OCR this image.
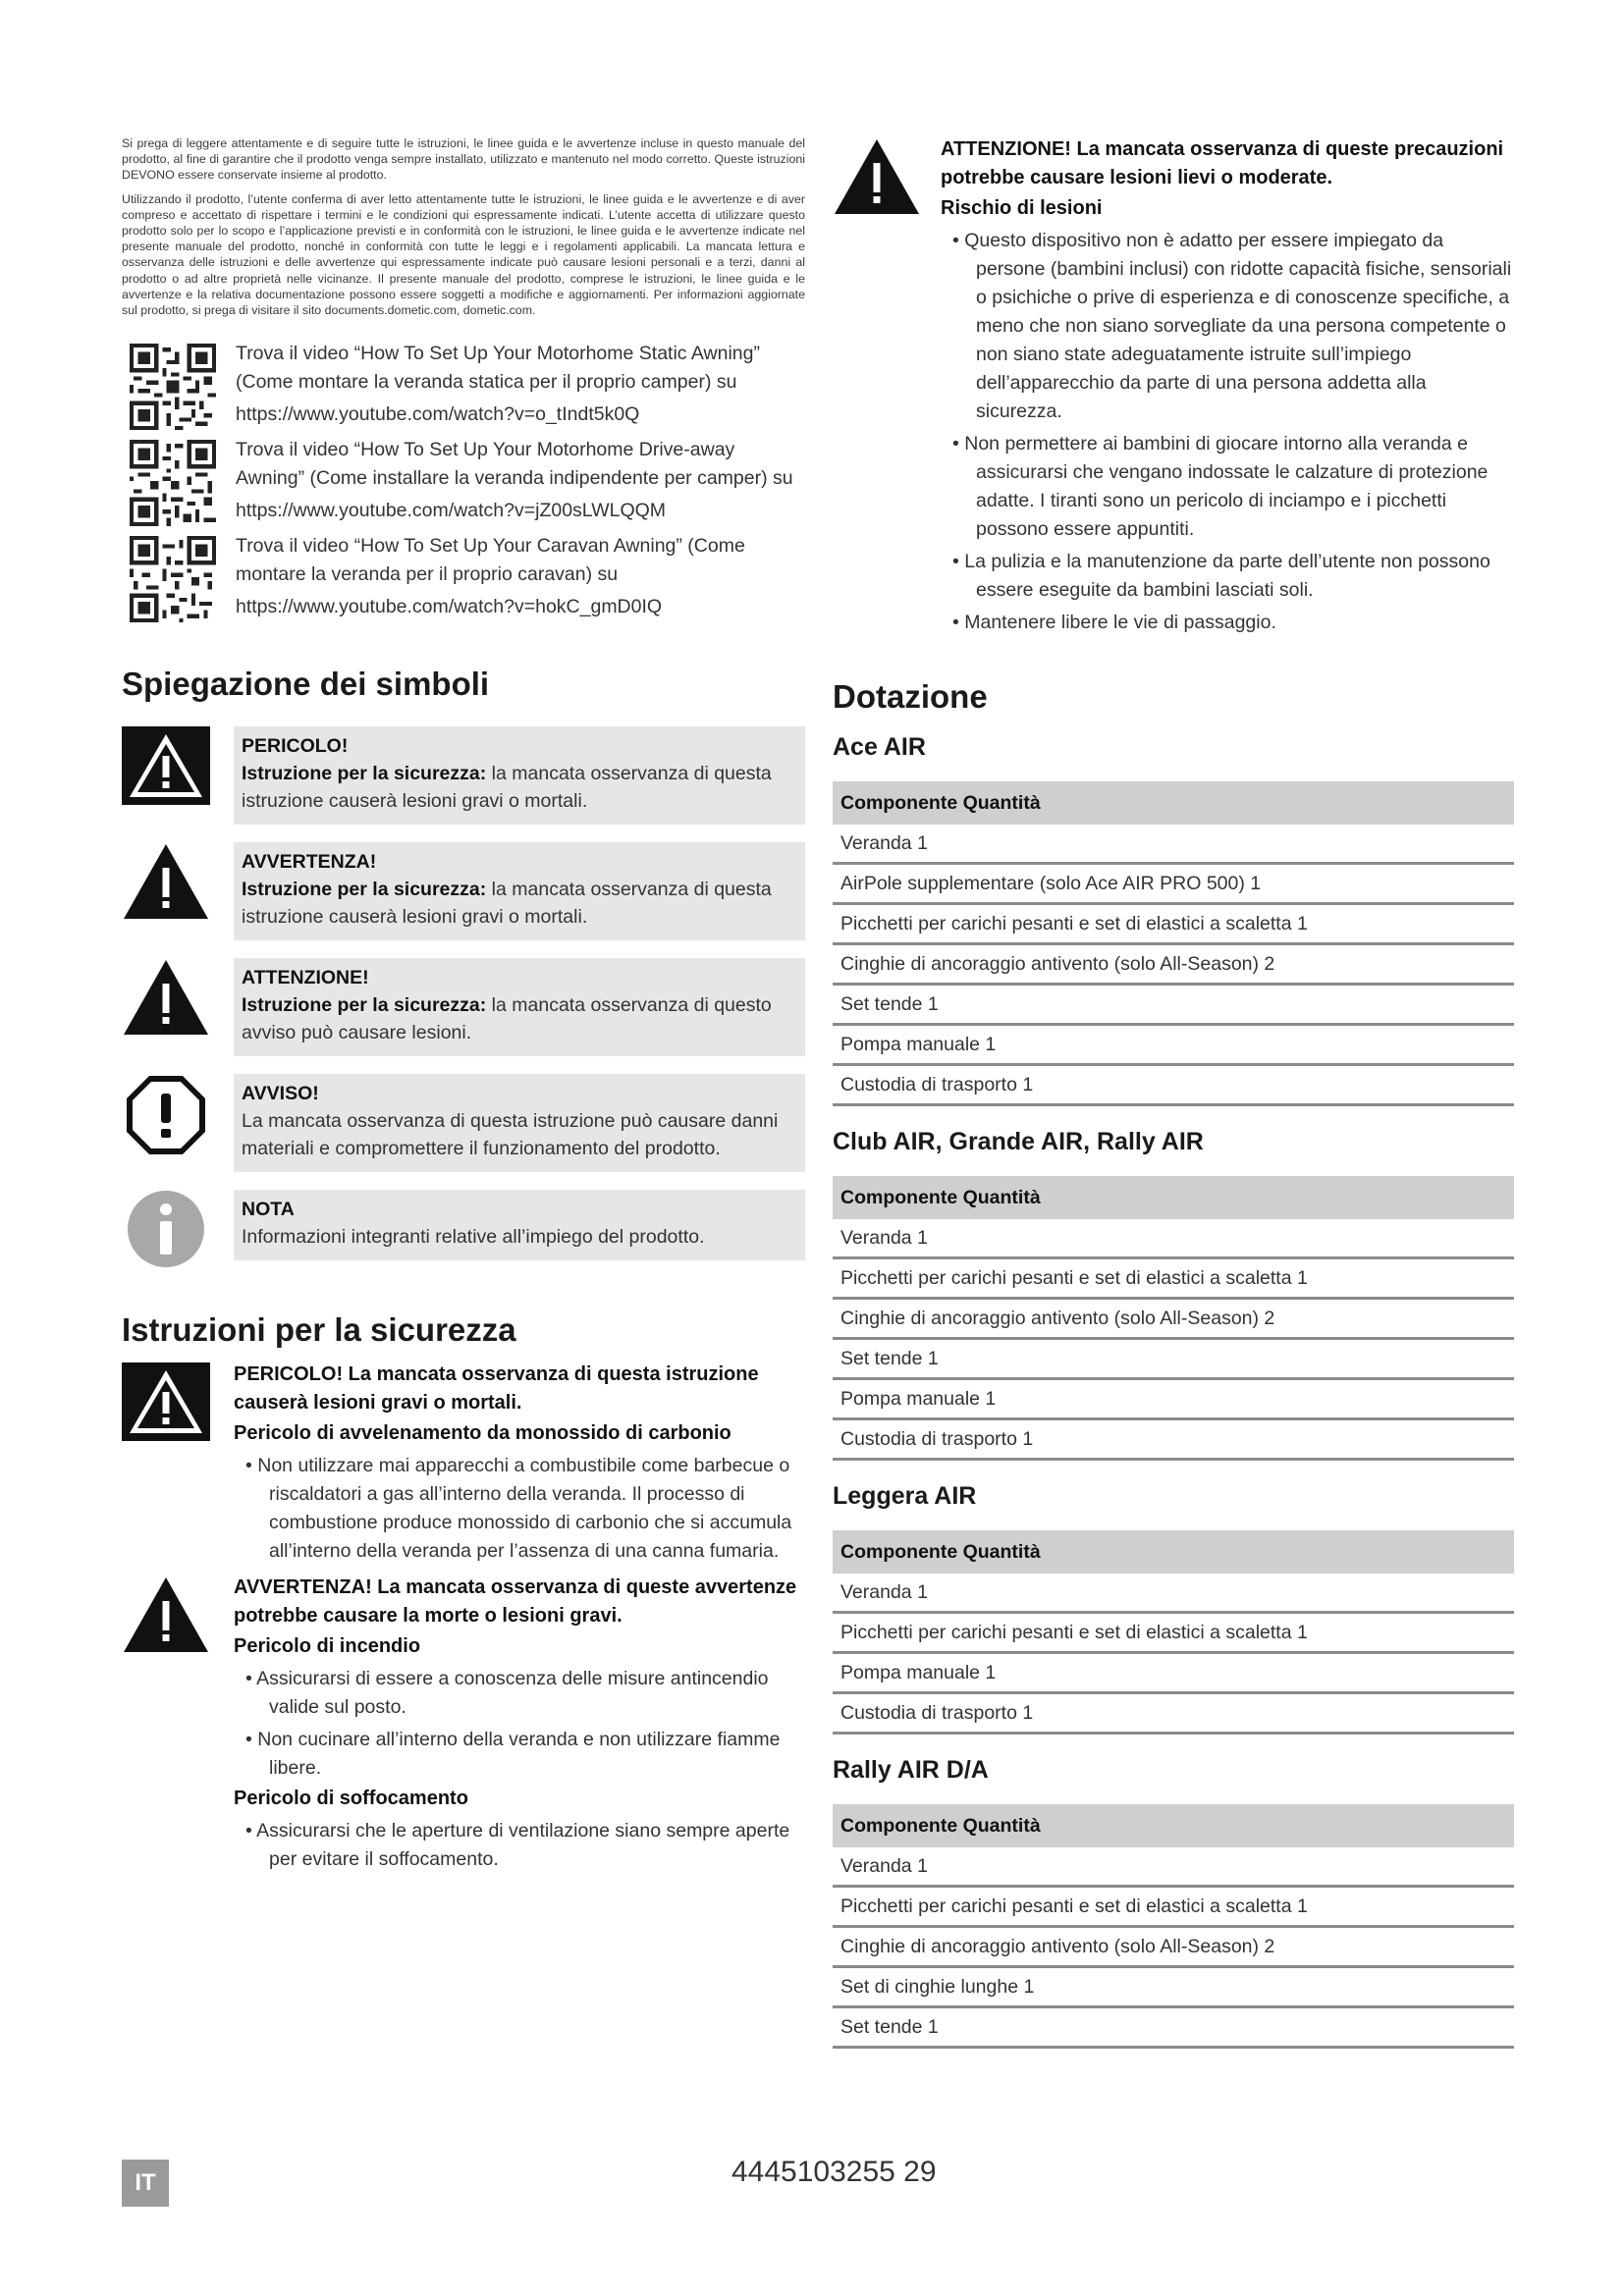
Si prega di leggere attentamente e di seguire tutte le istruzioni, le linee guida e le avvertenze incluse in questo manuale del prodotto, al fine di garantire che il prodotto venga sempre installato, utilizzato e mantenuto nel modo corretto. Queste istruzioni DEVONO essere conservate insieme al prodotto.

Utilizzando il prodotto, l’utente conferma di aver letto attentamente tutte le istruzioni, le linee guida e le avvertenze e di aver compreso e accettato di rispettare i termini e le condizioni qui espressamente indicati. L’utente accetta di utilizzare questo prodotto solo per lo scopo e l’applicazione previsti e in conformità con le istruzioni, le linee guida e le avvertenze indicate nel presente manuale del prodotto, nonché in conformità con tutte le leggi e i regolamenti applicabili. La mancata lettura e osservanza delle istruzioni e delle avvertenze qui espressamente indicate può causare lesioni personali e a terzi, danni al prodotto o ad altre proprietà nelle vicinanze. Il presente manuale del prodotto, comprese le istruzioni, le linee guida e le avvertenze e la relativa documentazione possono essere soggetti a modifiche e aggiornamenti. Per informazioni aggiornate sul prodotto, si prega di visitare il sito documents.dometic.com, dometic.com.

Trova il video “How To Set Up Your Motorhome Static Awning” (Come montare la veranda statica per il proprio camper) su
https://www.youtube.com/watch?v=o_tIndt5k0Q
Trova il video “How To Set Up Your Motorhome Drive-away Awning” (Come installare la veranda indipendente per camper) su
https://www.youtube.com/watch?v=jZ00sLWLQQM
Trova il video “How To Set Up Your Caravan Awning” (Come montare la veranda per il proprio caravan) su
https://www.youtube.com/watch?v=hokC_gmD0IQ
Spiegazione dei simboli
PERICOLO!
Istruzione per la sicurezza: la mancata osservanza di questa istruzione causerà lesioni gravi o mortali.
AVVERTENZA!
Istruzione per la sicurezza: la mancata osservanza di questa istruzione causerà lesioni gravi o mortali.
ATTENZIONE!
Istruzione per la sicurezza: la mancata osservanza di questo avviso può causare lesioni.
AVVISO!
La mancata osservanza di questa istruzione può causare danni materiali e compromettere il funzionamento del prodotto.
NOTA
Informazioni integranti relative all’impiego del prodotto.
Istruzioni per la sicurezza
PERICOLO! La mancata osservanza di questa istruzione causerà lesioni gravi o mortali.
Pericolo di avvelenamento da monossido di carbonio
• Non utilizzare mai apparecchi a combustibile come barbecue o riscaldatori a gas all’interno della veranda. Il processo di combustione produce monossido di carbonio che si accumula all’interno della veranda per l’assenza di una canna fumaria.
AVVERTENZA! La mancata osservanza di queste avvertenze potrebbe causare la morte o lesioni gravi.
Pericolo di incendio
• Assicurarsi di essere a conoscenza delle misure antincendio valide sul posto.
• Non cucinare all’interno della veranda e non utilizzare fiamme libere.
Pericolo di soffocamento
• Assicurarsi che le aperture di ventilazione siano sempre aperte per evitare il soffocamento.
ATTENZIONE! La mancata osservanza di queste precauzioni potrebbe causare lesioni lievi o moderate.
Rischio di lesioni
• Questo dispositivo non è adatto per essere impiegato da persone (bambini inclusi) con ridotte capacità fisiche, sensoriali o psichiche o prive di esperienza e di conoscenze specifiche, a meno che non siano sorvegliate da una persona competente o non siano state adeguatamente istruite sull’impiego dell’apparecchio da parte di una persona addetta alla sicurezza.
• Non permettere ai bambini di giocare intorno alla veranda e assicurarsi che vengano indossate le calzature di protezione adatte. I tiranti sono un pericolo di inciampo e i picchetti possono essere appuntiti.
• La pulizia e la manutenzione da parte dell’utente non possono essere eseguite da bambini lasciati soli.
• Mantenere libere le vie di passaggio.
Dotazione
Ace AIR
Componente Quantità
Veranda 1
AirPole supplementare (solo Ace AIR PRO 500) 1
Picchetti per carichi pesanti e set di elastici a scaletta 1
Cinghie di ancoraggio antivento (solo All-Season) 2
Set tende 1
Pompa manuale 1
Custodia di trasporto 1
Club AIR, Grande AIR, Rally AIR
Componente Quantità
Veranda 1
Picchetti per carichi pesanti e set di elastici a scaletta 1
Cinghie di ancoraggio antivento (solo All-Season) 2
Set tende 1
Pompa manuale 1
Custodia di trasporto 1
Leggera AIR
Componente Quantità
Veranda 1
Picchetti per carichi pesanti e set di elastici a scaletta 1
Pompa manuale 1
Custodia di trasporto 1
Rally AIR D/A
Componente Quantità
Veranda 1
Picchetti per carichi pesanti e set di elastici a scaletta 1
Cinghie di ancoraggio antivento (solo All-Season) 2
Set di cinghie lunghe 1
Set tende 1
IT	4445103255 29
